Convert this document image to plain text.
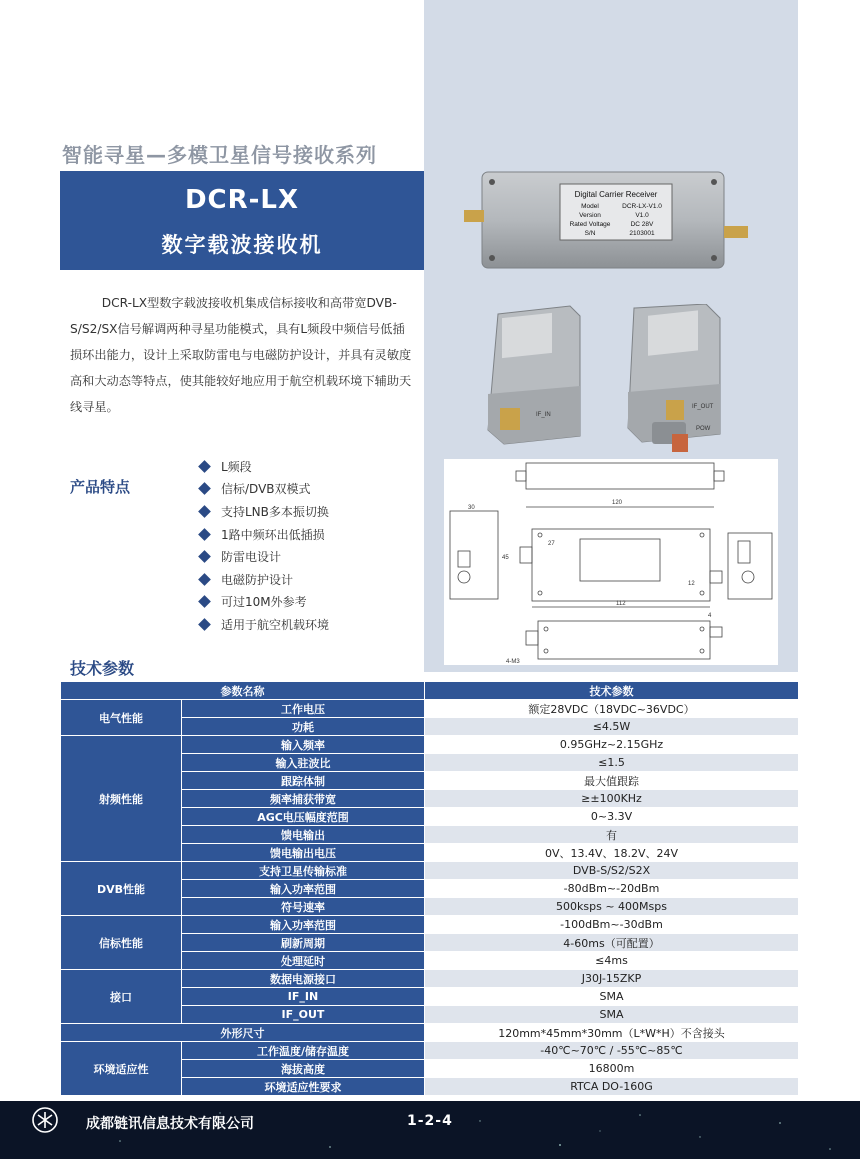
智能寻星—多模卫星信号接收系列
DCR-LX
数字载波接收机
Digital Carrier Receiver
Model	DCR-LX-V1.0
Version	V1.0
Rated Voltage	DC 28V
S/N	2103001
IF_IN
IF_OUT
POW
DCR-LX型数字载波接收机集成信标接收和高带宽DVB-S/S2/SX信号解调两种寻星功能模式，具有L频段中频信号低插损环出能力，设计上采取防雷电与电磁防护设计，并具有灵敏度高和大动态等特点，使其能较好地应用于航空机载环境下辅助天线寻星。
产品特点
L频段
信标/DVB双模式
支持LNB多本振切换
1路中频环出低插损
防雷电设计
电磁防护设计
可过10M外参考
适用于航空机载环境
120
30
45
112
4-M3
12
27
4
技术参数
参数名称		技术参数
电气性能	工作电压	额定28VDC（18VDC~36VDC）
	功耗	≤4.5W
射频性能	输入频率	0.95GHz~2.15GHz
	输入驻波比	≤1.5
	跟踪体制	最大值跟踪
	频率捕获带宽	≥±100KHz
	AGC电压幅度范围	0~3.3V
	馈电输出	有
	馈电输出电压	0V、13.4V、18.2V、24V
DVB性能	支持卫星传输标准	DVB-S/S2/S2X
	输入功率范围	-80dBm~-20dBm
	符号速率	500ksps ~ 400Msps
信标性能	输入功率范围	-100dBm~-30dBm
	刷新周期	4-60ms（可配置）
	处理延时	≤4ms
接口	数据电源接口	J30J-15ZKP
	IF_IN	SMA
	IF_OUT	SMA
外形尺寸		120mm*45mm*30mm（L*W*H）不含接头
环境适应性	工作温度/储存温度	-40℃~70℃ / -55℃~85℃
	海拔高度	16800m
	环境适应性要求	RTCA DO-160G
成都链讯信息技术有限公司	1-2-4
